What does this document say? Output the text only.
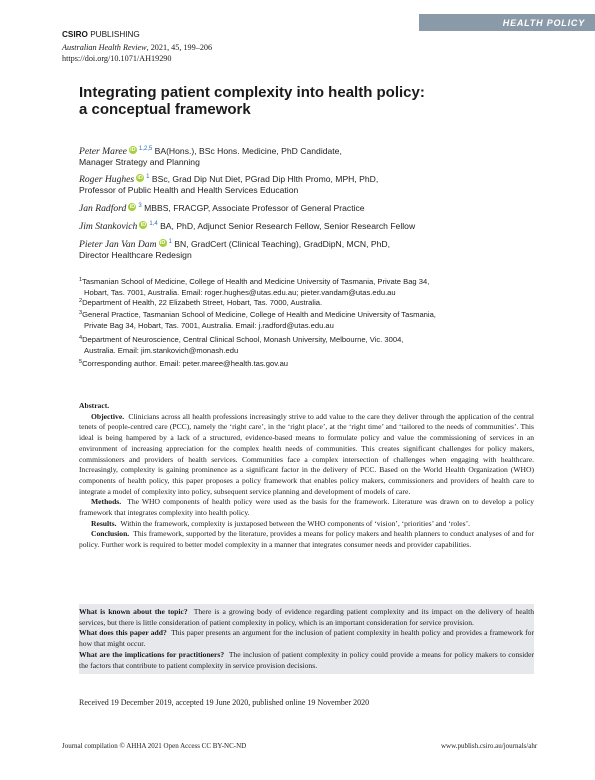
HEALTH POLICY
CSIRO PUBLISHING
Australian Health Review, 2021, 45, 199–206
https://doi.org/10.1071/AH19290
Integrating patient complexity into health policy:
a conceptual framework
Peter Maree iD $^{1,2,5}$ BA(Hons.), BSc Hons. Medicine, PhD Candidate,
Manager Strategy and Planning
Roger Hughes iD $^1$ BSc, Grad Dip Nut Diet, PGrad Dip Hlth Promo, MPH, PhD,
Professor of Public Health and Health Services Education
Jan Radford iD $^3$ MBBS, FRACGP, Associate Professor of General Practice
Jim Stankovich iD $^{1,4}$ BA, PhD, Adjunct Senior Research Fellow, Senior Research Fellow
Pieter Jan Van Dam iD $^1$ BN, GradCert (Clinical Teaching), GradDipN, MCN, PhD,
Director Healthcare Redesign
$^1$Tasmanian School of Medicine, College of Health and Medicine University of Tasmania, Private Bag 34,
Hobart, Tas. 7001, Australia. Email: roger.hughes@utas.edu.au; pieter.vandam@utas.edu.au
$^2$Department of Health, 22 Elizabeth Street, Hobart, Tas. 7000, Australia.
$^3$General Practice, Tasmanian School of Medicine, College of Health and Medicine University of Tasmania,
Private Bag 34, Hobart, Tas. 7001, Australia. Email: j.radford@utas.edu.au
$^4$Department of Neuroscience, Central Clinical School, Monash University, Melbourne, Vic. 3004,
Australia. Email: jim.stankovich@monash.edu
$^5$Corresponding author. Email: peter.maree@health.tas.gov.au
Abstract.

Objective. Clinicians across all health professions increasingly strive to add value to the care they deliver through the application of the central tenets of people-centred care (PCC), namely the ‘right care’, in the ‘right place’, at the ‘right time’ and ‘tailored to the needs of communities’. This ideal is being hampered by a lack of a structured, evidence-based means to formulate policy and value the commissioning of services in an environment of increasing appreciation for the complex health needs of communities. This creates significant challenges for policy makers, commissioners and providers of health services. Communities face a complex intersection of challenges when engaging with healthcare. Increasingly, complexity is gaining prominence as a significant factor in the delivery of PCC. Based on the World Health Organization (WHO) components of health policy, this paper proposes a policy framework that enables policy makers, commissioners and providers of health care to integrate a model of complexity into policy, subsequent service planning and development of models of care.

Methods. The WHO components of health policy were used as the basis for the framework. Literature was drawn on to develop a policy framework that integrates complexity into health policy.

Results. Within the framework, complexity is juxtaposed between the WHO components of ‘vision’, ‘priorities’ and ‘roles’.

Conclusion. This framework, supported by the literature, provides a means for policy makers and health planners to conduct analyses of and for policy. Further work is required to better model complexity in a manner that integrates consumer needs and provider capabilities.

What is known about the topic? There is a growing body of evidence regarding patient complexity and its impact on the delivery of health services, but there is little consideration of patient complexity in policy, which is an important consideration for service provision.

What does this paper add? This paper presents an argument for the inclusion of patient complexity in health policy and provides a framework for how that might occur.

What are the implications for practitioners? The inclusion of patient complexity in policy could provide a means for policy makers to consider the factors that contribute to patient complexity in service provision decisions.

Received 19 December 2019, accepted 19 June 2020, published online 19 November 2020
Journal compilation © AHHA 2021 Open Access CC BY-NC-ND	www.publish.csiro.au/journals/ahr
